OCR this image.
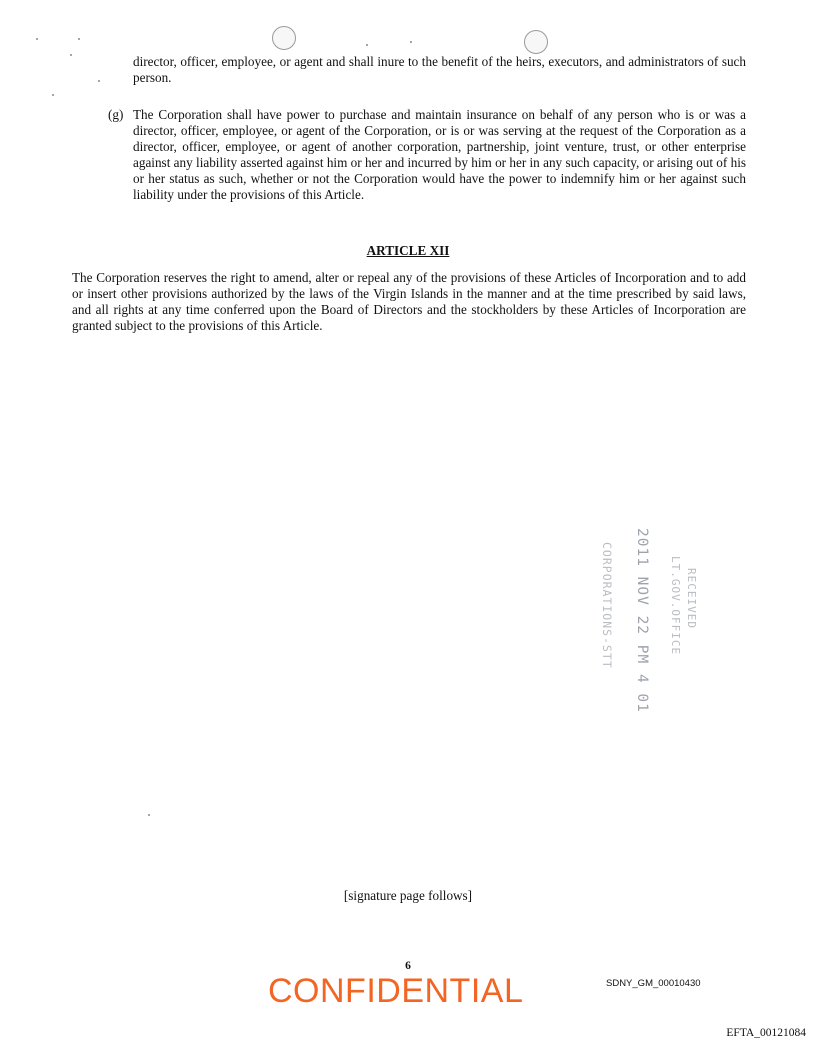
director, officer, employee, or agent and shall inure to the benefit of the heirs, executors, and administrators of such person.

(g) The Corporation shall have power to purchase and maintain insurance on behalf of any person who is or was a director, officer, employee, or agent of the Corporation, or is or was serving at the request of the Corporation as a director, officer, employee, or agent of another corporation, partnership, joint venture, trust, or other enterprise against any liability asserted against him or her and incurred by him or her in any such capacity, or arising out of his or her status as such, whether or not the Corporation would have the power to indemnify him or her against such liability under the provisions of this Article.

ARTICLE XII

The Corporation reserves the right to amend, alter or repeal any of the provisions of these Articles of Incorporation and to add or insert other provisions authorized by the laws of the Virgin Islands in the manner and at the time prescribed by said laws, and all rights at any time conferred upon the Board of Directors and the stockholders by these Articles of Incorporation are granted subject to the provisions of this Article.

RECEIVED
LT.GOV.OFFICE
2011 NOV 22 PM 4 01
CORPORATIONS-STT

[signature page follows]

6

CONFIDENTIAL	SDNY_GM_00010430

EFTA_00121084
